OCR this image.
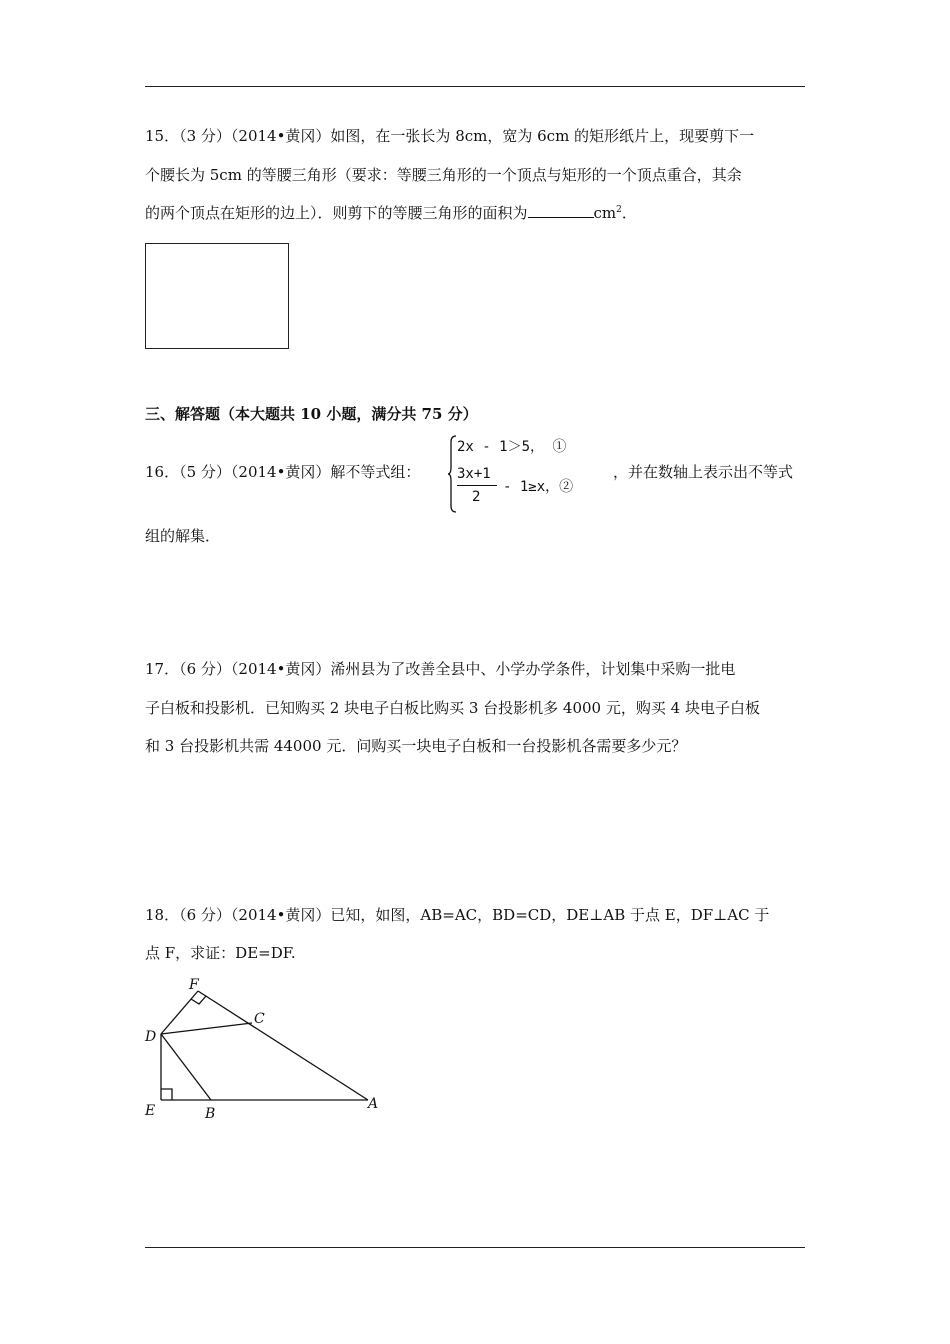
15．（3 分）（2014•黄冈）如图，在一张长为 8cm，宽为 6cm 的矩形纸片上，现要剪下一
个腰长为 5cm 的等腰三角形（要求：等腰三角形的一个顶点与矩形的一个顶点重合，其余
的两个顶点在矩形的边上）．则剪下的等腰三角形的面积为	$cm^2$．
三、解答题（本大题共 10 小题，满分共 75 分）
16．（5 分）（2014•黄冈）解不等式组：
2x - 1＞5， ①
3x+1
2
- 1≥x，②
，并在数轴上表示出不等式
组的解集．
17．（6 分）（2014•黄冈）浠州县为了改善全县中、小学办学条件，计划集中采购一批电
子白板和投影机．已知购买 2 块电子白板比购买 3 台投影机多 4000 元，购买 4 块电子白板
和 3 台投影机共需 44000 元．问购买一块电子白板和一台投影机各需要多少元？
18．（6 分）（2014•黄冈）已知，如图，AB=AC，BD=CD，DE⊥AB 于点 E，DF⊥AC 于
点 F，求证：DE=DF.
F
C
D
E	B
A
